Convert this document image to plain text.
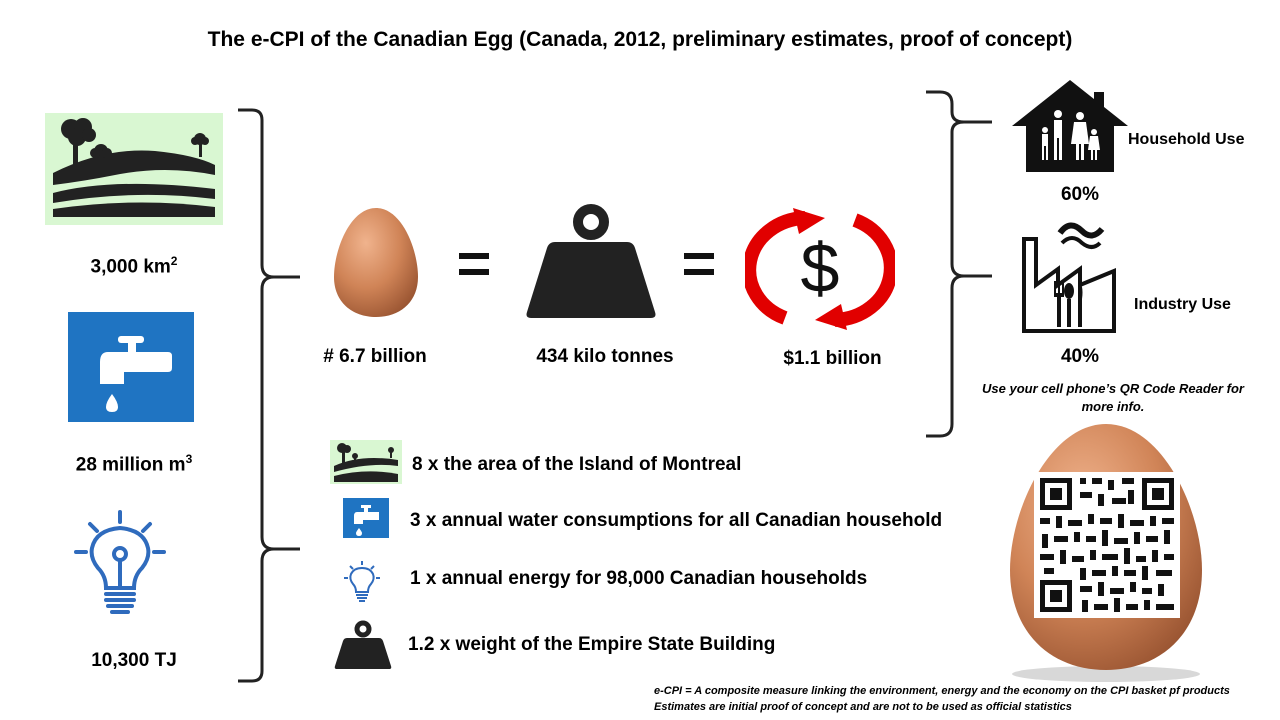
The e-CPI of the Canadian Egg (Canada, 2012, preliminary estimates, proof of concept)
3,000 $km^2$
28 million $m^3$
10,300 TJ
# 6.7 billion	434 kilo tonnes
$
$1.1 billion
Household Use
60%
Industry Use
40%
Use your cell phone’s QR Code Reader for more info.
8 x the area of the Island of Montreal
3 x annual water consumptions for all Canadian household
1 x annual energy for 98,000 Canadian households
1.2 x weight of the Empire State Building
e-CPI = A composite measure linking the environment, energy and the economy on the CPI basket pf products
Estimates are initial proof of concept and are not to be used as official statistics
